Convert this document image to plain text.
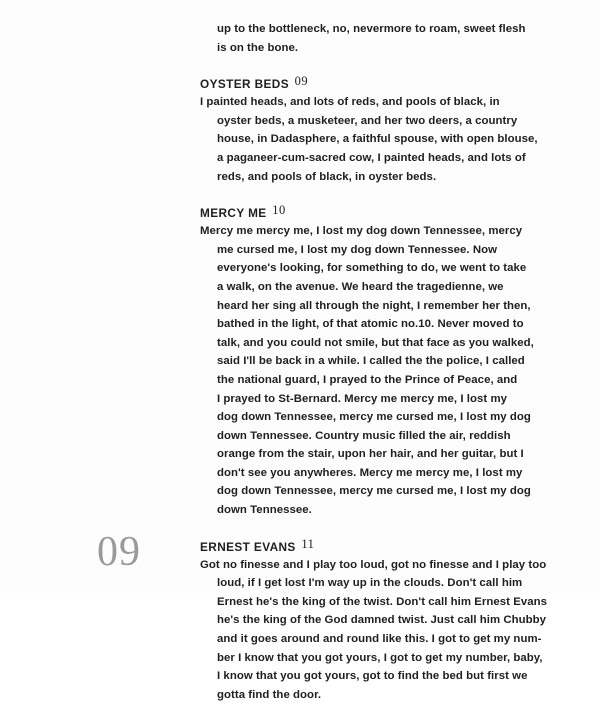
up to the bottleneck, no, nevermore to roam, sweet flesh
is on the bone.

OYSTER BEDS 09

I painted heads, and lots of reds, and pools of black, in
oyster beds, a musketeer, and her two deers, a country
house, in Dadasphere, a faithful spouse, with open blouse,
a paganeer-cum-sacred cow, I painted heads, and lots of
reds, and pools of black, in oyster beds.

MERCY ME 10

Mercy me mercy me, I lost my dog down Tennessee, mercy
me cursed me, I lost my dog down Tennessee. Now
everyone's looking, for something to do, we went to take
a walk, on the avenue. We heard the tragedienne, we
heard her sing all through the night, I remember her then,
bathed in the light, of that atomic no.10. Never moved to
talk, and you could not smile, but that face as you walked,
said I'll be back in a while. I called the the police, I called
the national guard, I prayed to the Prince of Peace, and
I prayed to St-Bernard. Mercy me mercy me, I lost my
dog down Tennessee, mercy me cursed me, I lost my dog
down Tennessee. Country music filled the air, reddish
orange from the stair, upon her hair, and her guitar, but I
don't see you anywheres. Mercy me mercy me, I lost my
dog down Tennessee, mercy me cursed me, I lost my dog
down Tennessee.

ERNEST EVANS 11

Got no finesse and I play too loud, got no finesse and I play too
loud, if I get lost I'm way up in the clouds. Don't call him
Ernest he's the king of the twist. Don't call him Ernest Evans
he's the king of the God damned twist. Just call him Chubby
and it goes around and round like this. I got to get my num-
ber I know that you got yours, I got to get my number, baby,
I know that you got yours, got to find the bed but first we
gotta find the door.

09
